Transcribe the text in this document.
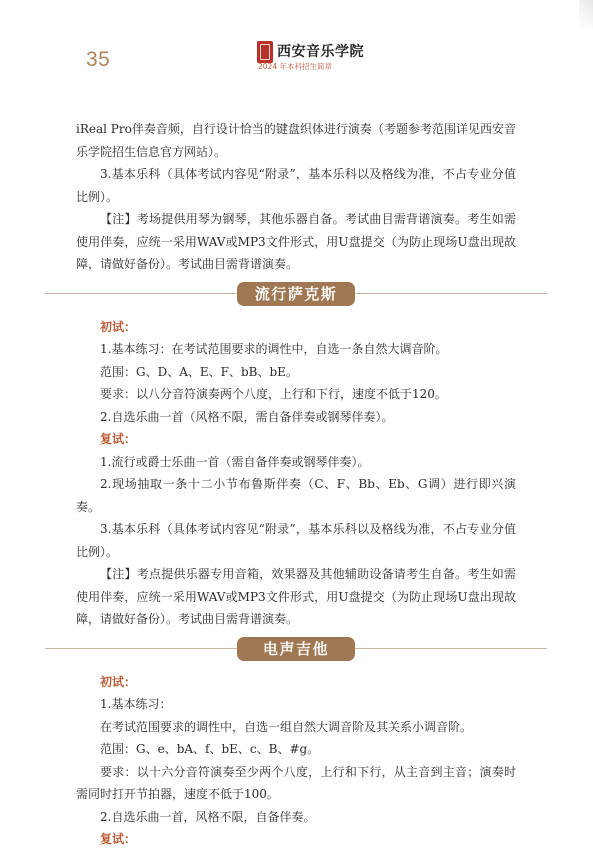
35	西安音乐学院
2024 年本科招生简章

iReal Pro伴奏音频，自行设计恰当的键盘织体进行演奏（考题参考范围详见西安音乐学院招生信息官方网站）。

3.基本乐科（具体考试内容见“附录”，基本乐科以及格线为准，不占专业分值比例）。

【注】考场提供用琴为钢琴，其他乐器自备。考试曲目需背谱演奏。考生如需使用伴奏，应统一采用WAV或MP3文件形式，用U盘提交（为防止现场U盘出现故障，请做好备份）。考试曲目需背谱演奏。

流行萨克斯
初试：

1.基本练习：在考试范围要求的调性中，自选一条自然大调音阶。

范围：G、D、A、E、F、bB、bE。

要求：以八分音符演奏两个八度，上行和下行，速度不低于120。

2.自选乐曲一首（风格不限，需自备伴奏或钢琴伴奏）。

复试：

1.流行或爵士乐曲一首（需自备伴奏或钢琴伴奏）。

2.现场抽取一条十二小节布鲁斯伴奏（C、F、Bb、Eb、G调）进行即兴演奏。

3.基本乐科（具体考试内容见“附录”，基本乐科以及格线为准，不占专业分值比例）。

【注】考点提供乐器专用音箱，效果器及其他辅助设备请考生自备。考生如需使用伴奏，应统一采用WAV或MP3文件形式，用U盘提交（为防止现场U盘出现故障，请做好备份）。考试曲目需背谱演奏。

电声吉他
初试：

1.基本练习：

在考试范围要求的调性中，自选一组自然大调音阶及其关系小调音阶。

范围：G、e、bA、f、bE、c、B、#g。

要求：以十六分音符演奏至少两个八度，上行和下行，从主音到主音；演奏时需同时打开节拍器，速度不低于100。

2.自选乐曲一首，风格不限，自备伴奏。

复试：
